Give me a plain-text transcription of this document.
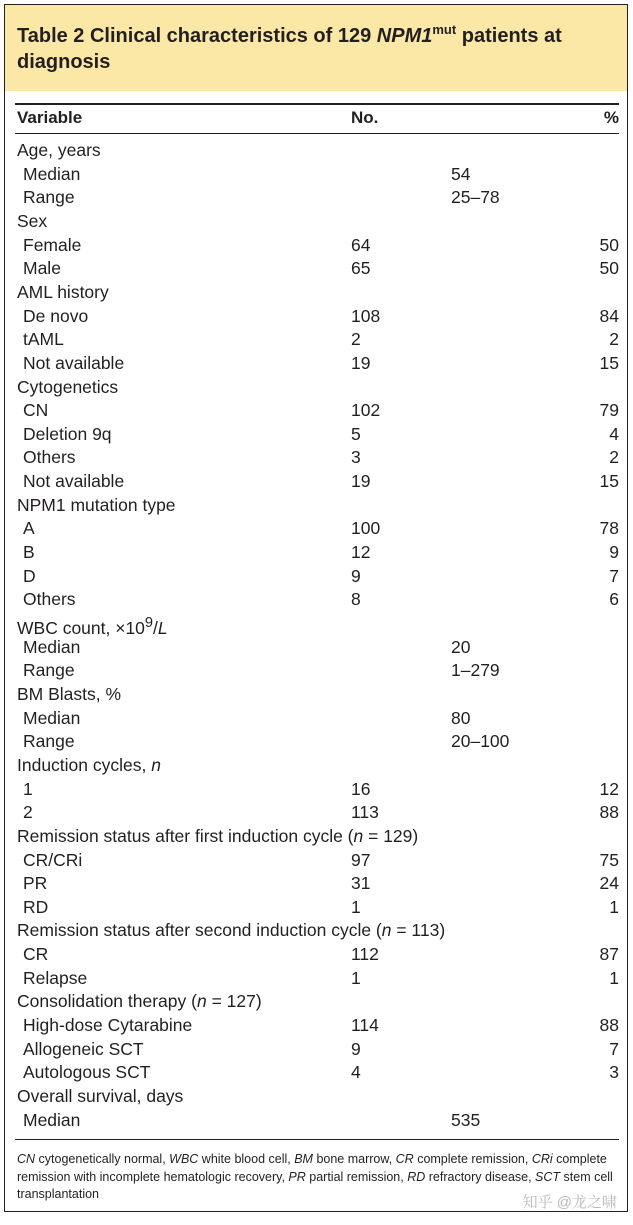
Table 2 Clinical characteristics of 129 $NPM1^{mut}$ patients at diagnosis
Variable	No.	%
Age, years
Median	54
Range	25–78
Sex
Female	64	50
Male	65	50
AML history
De novo	108	84
tAML	2	2
Not available	19	15
Cytogenetics
CN	102	79
Deletion 9q	5	4
Others	3	2
Not available	19	15
NPM1 mutation type
A	100	78
B	12	9
D	9	7
Others	8	6
WBC count, $\times 10^9/L$
Median	20
Range	1–279
BM Blasts, %
Median	80
Range	20–100
Induction cycles, n
1	16	12
2	113	88
Remission status after first induction cycle (n = 129)
CR/CRi	97	75
PR	31	24
RD	1	1
Remission status after second induction cycle (n = 113)
CR	112	87
Relapse	1	1
Consolidation therapy (n = 127)
High-dose Cytarabine	114	88
Allogeneic SCT	9	7
Autologous SCT	4	3
Overall survival, days
Median	535
CN cytogenetically normal, WBC white blood cell, BM bone marrow, CR complete remission, CRi complete remission with incomplete hematologic recovery, PR partial remission, RD refractory disease, SCT stem cell transplantation	知乎 @龙之啸
